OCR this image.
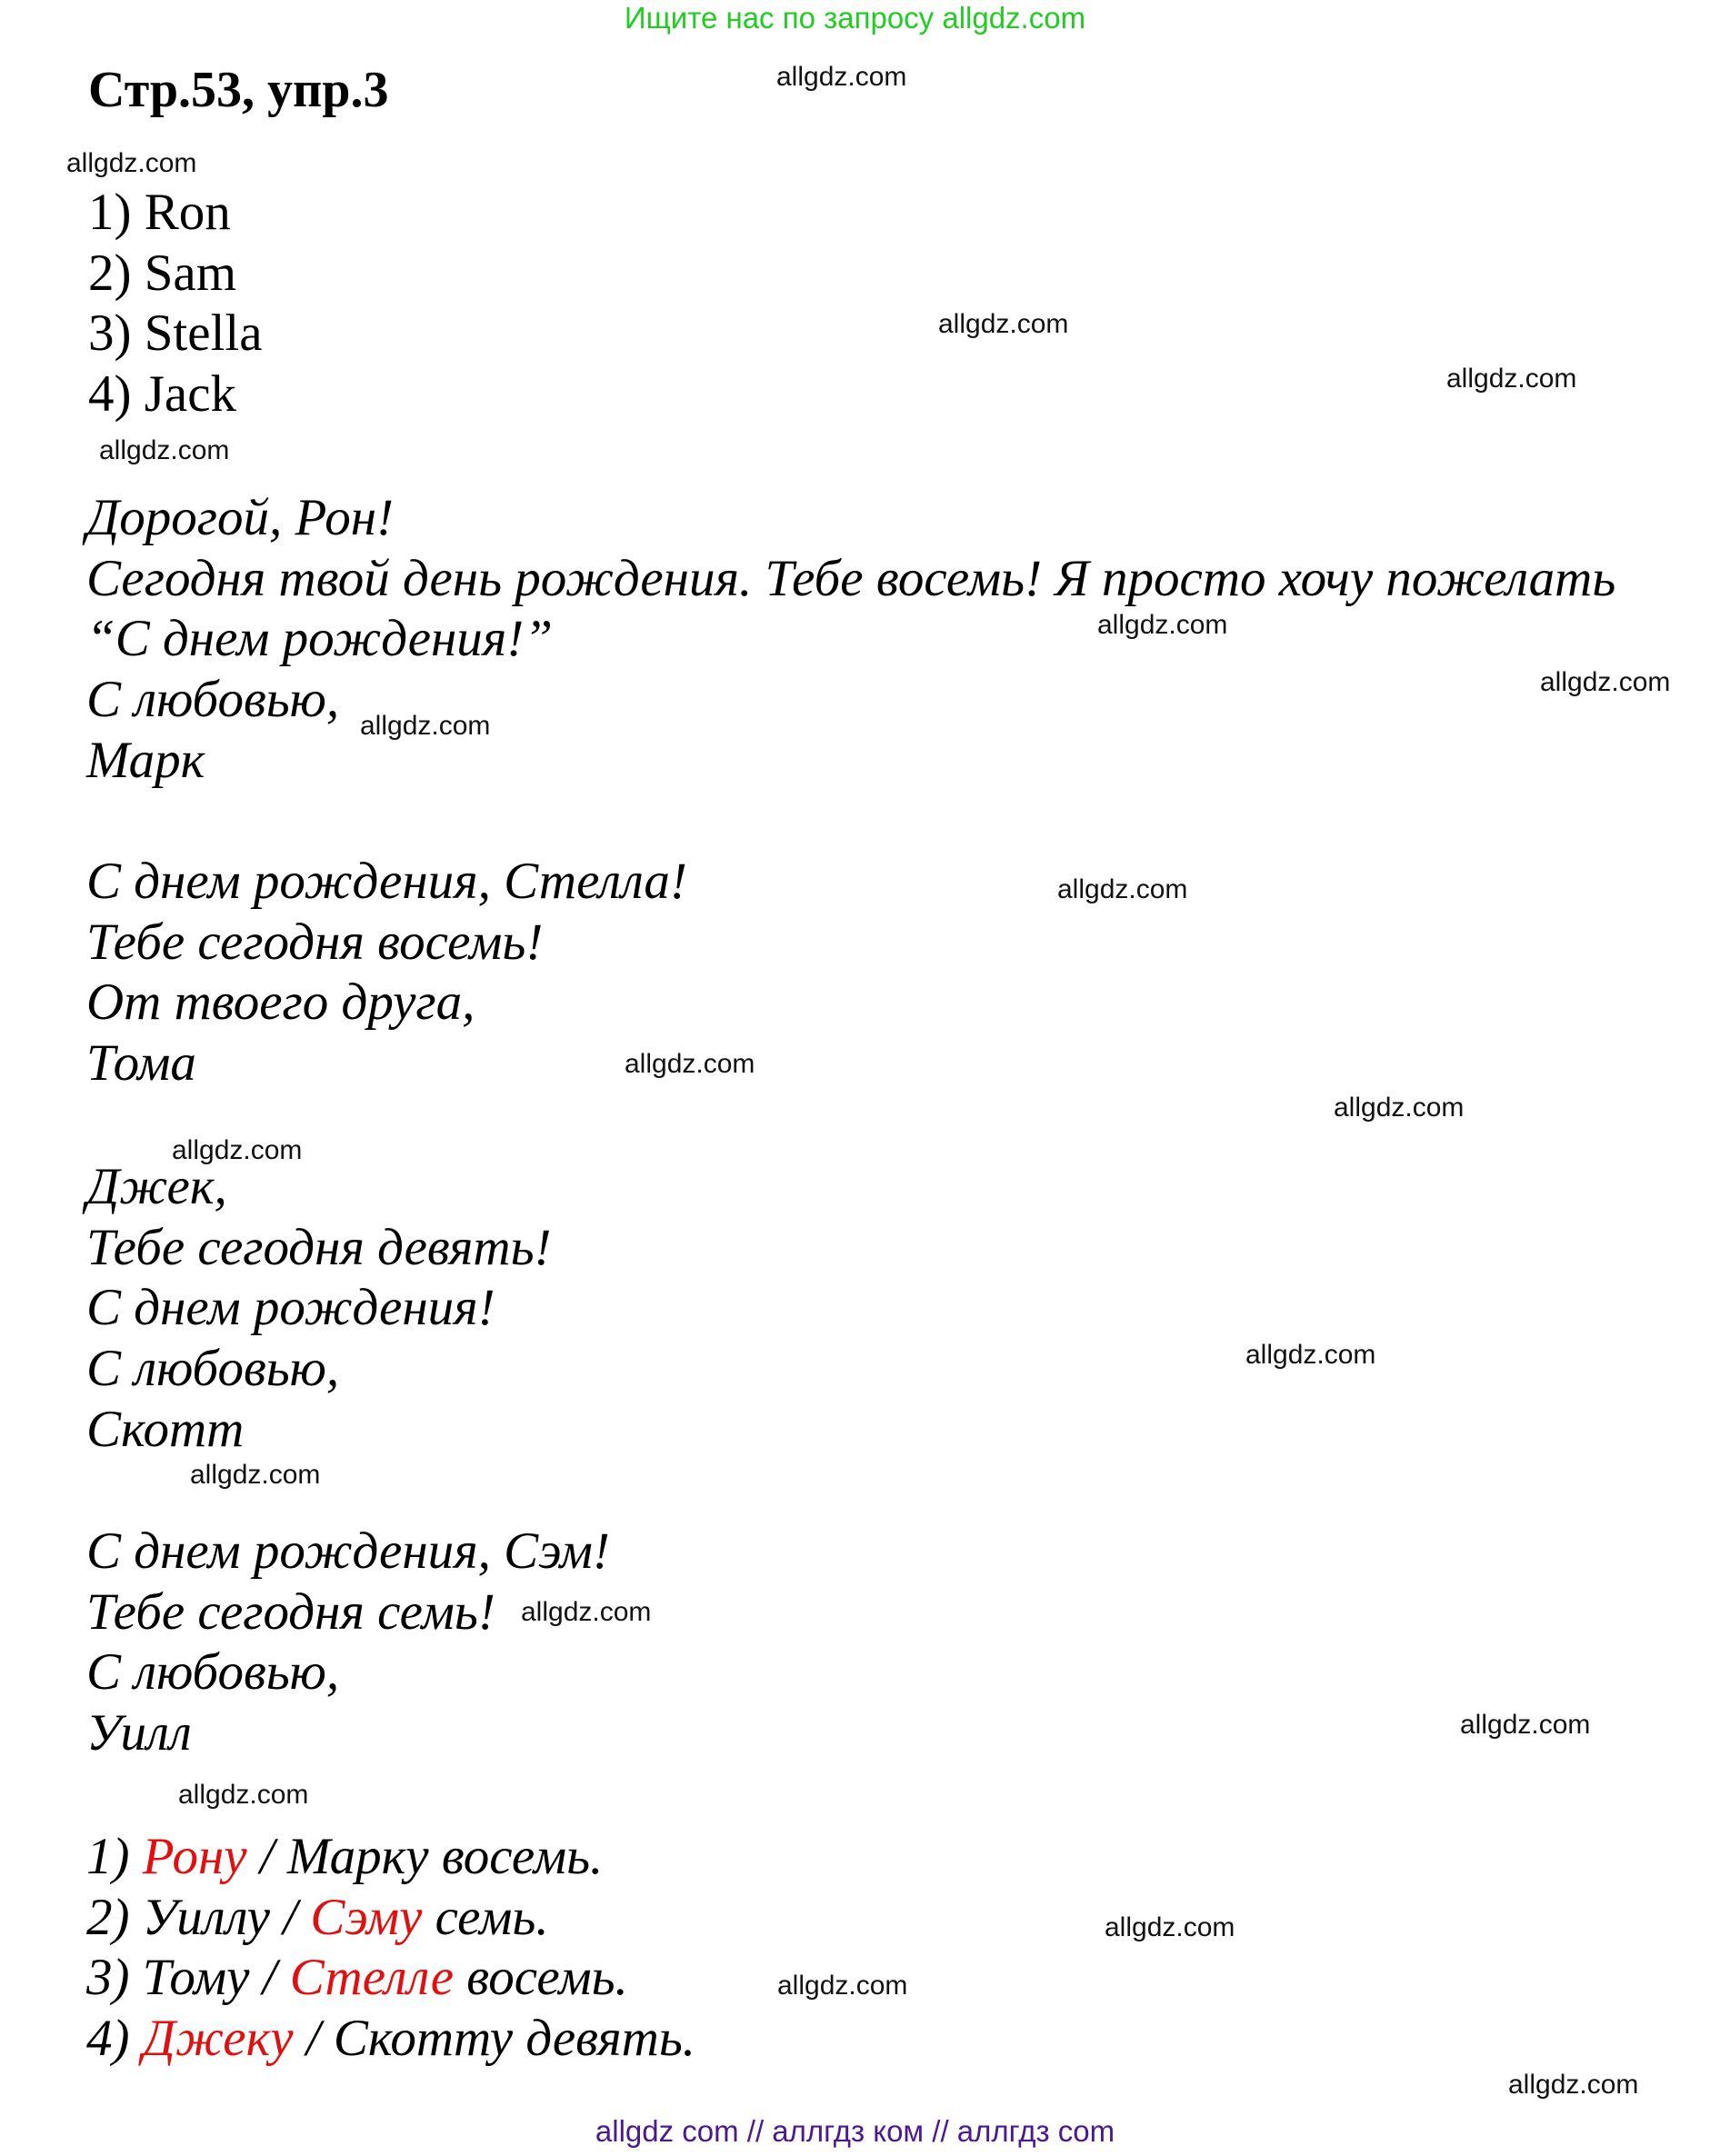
Ищите нас по запросу allgdz.com
Стр.53, упр.3
1) Ron
2) Sam
3) Stella
4) Jack
Дорогой, Рон!
Сегодня твой день рождения. Тебе восемь! Я просто хочу пожелать
“С днем рождения!”
С любовью,
Марк
С днем рождения, Стелла!
Тебе сегодня восемь!
От твоего друга,
Тома
Джек,
Тебе сегодня девять!
С днем рождения!
С любовью,
Скотт
С днем рождения, Сэм!
Тебе сегодня семь!
С любовью,
Уилл
1) Рону / Марку восемь.
2) Уиллу / Сэму семь.
3) Тому / Стелле восемь.
4) Джеку / Скотту девять.
allgdz.com
allgdz.com
allgdz.com
allgdz.com
allgdz.com
allgdz.com
allgdz.com
allgdz.com
allgdz.com
allgdz.com
allgdz.com
allgdz.com
allgdz.com
allgdz.com
allgdz.com
allgdz.com
allgdz.com
allgdz.com
allgdz.com
allgdz.com
allgdz com // аллгдз ком // аллгдз com
